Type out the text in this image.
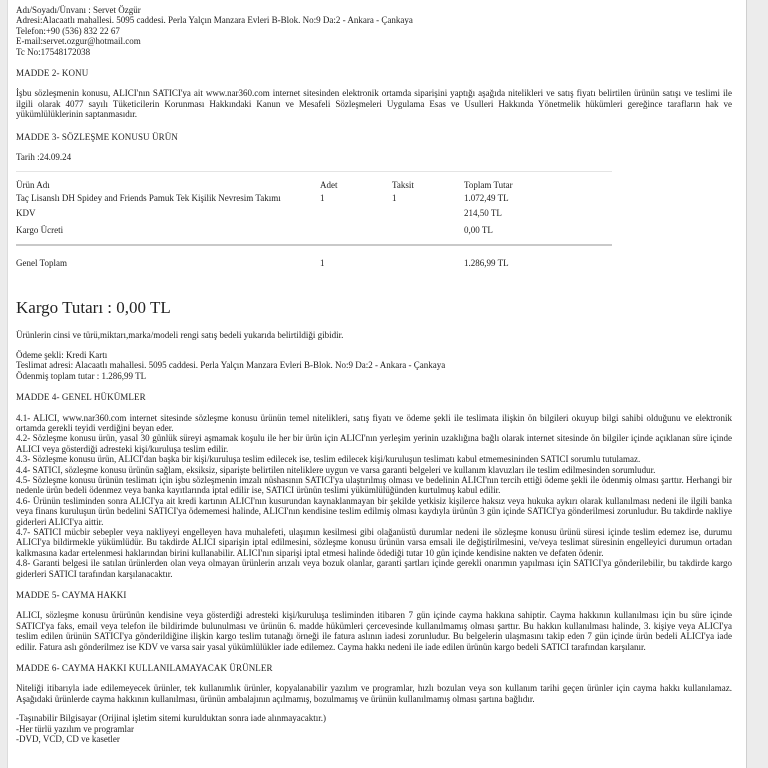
Adı/Soyadı/Ünvanı : Servet Özgür
Adresi:Alacaatlı mahallesi. 5095 caddesi. Perla Yalçın Manzara Evleri B-Blok. No:9 Da:2 - Ankara - Çankaya
Telefon:+90 (536) 832 22 67
E-mail:servet.ozgur@hotmail.com
Tc No:17548172038
MADDE 2- KONU

İşbu sözleşmenin konusu, ALICI'nın SATICI'ya ait www.nar360.com internet sitesinden elektronik ortamda siparişini yaptığı aşağıda nitelikleri ve satış fiyatı belirtilen ürünün satışı ve teslimi ile ilgili olarak 4077 sayılı Tüketicilerin Korunması Hakkındaki Kanun ve Mesafeli Sözleşmeleri Uygulama Esas ve Usulleri Hakkında Yönetmelik hükümleri gereğince tarafların hak ve yükümlülüklerinin saptanmasıdır.

MADDE 3- SÖZLEŞME KONUSU ÜRÜN
Tarih :24.09.24
Ürün Adı	Adet	Taksit	Toplam Tutar
Taç Lisanslı DH Spidey and Friends Pamuk Tek Kişilik Nevresim Takımı	1	1	1.072,49 TL
KDV			214,50 TL
Kargo Ücreti			0,00 TL
Genel Toplam	1		1.286,99 TL
Kargo Tutarı : 0,00 TL

Ürünlerin cinsi ve türü,miktarı,marka/modeli rengi satış bedeli yukarıda belirtildiği gibidir.

Ödeme şekli: Kredi Kartı
Teslimat adresi: Alacaatlı mahallesi. 5095 caddesi. Perla Yalçın Manzara Evleri B-Blok. No:9 Da:2 - Ankara - Çankaya
Ödenmiş toplam tutar : 1.286,99 TL
MADDE 4- GENEL HÜKÜMLER
4.1- ALICI, www.nar360.com internet sitesinde sözleşme konusu ürünün temel nitelikleri, satış fiyatı ve ödeme şekli ile teslimata ilişkin ön bilgileri okuyup bilgi sahibi olduğunu ve elektronik ortamda gerekli teyidi verdiğini beyan eder.
4.2- Sözleşme konusu ürün, yasal 30 günlük süreyi aşmamak koşulu ile her bir ürün için ALICI'nın yerleşim yerinin uzaklığına bağlı olarak internet sitesinde ön bilgiler içinde açıklanan süre içinde ALICI veya gösterdiği adresteki kişi/kuruluşa teslim edilir.
4.3- Sözleşme konusu ürün, ALICI'dan başka bir kişi/kuruluşa teslim edilecek ise, teslim edilecek kişi/kuruluşun teslimatı kabul etmemesininden SATICI sorumlu tutulamaz.
4.4- SATICI, sözleşme konusu ürünün sağlam, eksiksiz, siparişte belirtilen niteliklere uygun ve varsa garanti belgeleri ve kullanım klavuzları ile teslim edilmesinden sorumludur.
4.5- Sözleşme konusu ürünün teslimatı için işbu sözleşmenin imzalı nüshasının SATICI'ya ulaştırılmış olması ve bedelinin ALICI'nın tercih ettiği ödeme şekli ile ödenmiş olması şarttır. Herhangi bir nedenle ürün bedeli ödenmez veya banka kayıtlarında iptal edilir ise, SATICI ürünün teslimi yükümlülüğünden kurtulmuş kabul edilir.
4.6- Ürünün tesliminden sonra ALICI'ya ait kredi kartının ALICI'nın kusurundan kaynaklanmayan bir şekilde yetkisiz kişilerce haksız veya hukuka aykırı olarak kullanılması nedeni ile ilgili banka veya finans kuruluşun ürün bedelini SATICI'ya ödememesi halinde, ALICI'nın kendisine teslim edilmiş olması kaydıyla ürünün 3 gün içinde SATICI'ya gönderilmesi zorunludur. Bu takdirde nakliye giderleri ALICI'ya aittir.
4.7- SATICI mücbir sebepler veya nakliyeyi engelleyen hava muhalefeti, ulaşımın kesilmesi gibi olağanüstü durumlar nedeni ile sözleşme konusu ürünü süresi içinde teslim edemez ise, durumu ALICI'ya bildirmekle yükümlüdür. Bu takdirde ALICI siparişin iptal edilmesini, sözleşme konusu ürünün varsa emsali ile değiştirilmesini, ve/veya teslimat süresinin engelleyici durumun ortadan kalkmasına kadar ertelenmesi haklarından birini kullanabilir. ALICI'nın siparişi iptal etmesi halinde ödediği tutar 10 gün içinde kendisine nakten ve defaten ödenir.
4.8- Garanti belgesi ile satılan ürünlerden olan veya olmayan ürünlerin arızalı veya bozuk olanlar, garanti şartları içinde gerekli onarımın yapılması için SATICI'ya gönderilebilir, bu takdirde kargo giderleri SATICI tarafından karşılanacaktır.
MADDE 5- CAYMA HAKKI

ALICI, sözleşme konusu ürürünün kendisine veya gösterdiği adresteki kişi/kuruluşa tesliminden itibaren 7 gün içinde cayma hakkına sahiptir. Cayma hakkının kullanılması için bu süre içinde SATICI'ya faks, email veya telefon ile bildirimde bulunulması ve ürünün 6. madde hükümleri çercevesinde kullanılmamış olması şarttır. Bu hakkın kullanılması halinde, 3. kişiye veya ALICI'ya teslim edilen ürünün SATICI'ya gönderildiğine ilişkin kargo teslim tutanağı örneği ile fatura aslının iadesi zorunludur. Bu belgelerin ulaşmasını takip eden 7 gün içinde ürün bedeli ALICI'ya iade edilir. Fatura aslı gönderilmez ise KDV ve varsa sair yasal yükümlülükler iade edilemez. Cayma hakkı nedeni ile iade edilen ürünün kargo bedeli SATICI tarafından karşılanır.

MADDE 6- CAYMA HAKKI KULLANILAMAYACAK ÜRÜNLER

Niteliği itibarıyla iade edilemeyecek ürünler, tek kullanımlık ürünler, kopyalanabilir yazılım ve programlar, hızlı bozulan veya son kullanım tarihi geçen ürünler için cayma hakkı kullanılamaz. Aşağıdaki ürünlerde cayma hakkının kullanılması, ürünün ambalajının açılmamış, bozulmamış ve ürünün kullanılmamış olması şartına bağlıdır.

-Taşınabilir Bilgisayar (Orijinal işletim sitemi kurulduktan sonra iade alınmayacaktır.)
-Her türlü yazılım ve programlar
-DVD, VCD, CD ve kasetler
